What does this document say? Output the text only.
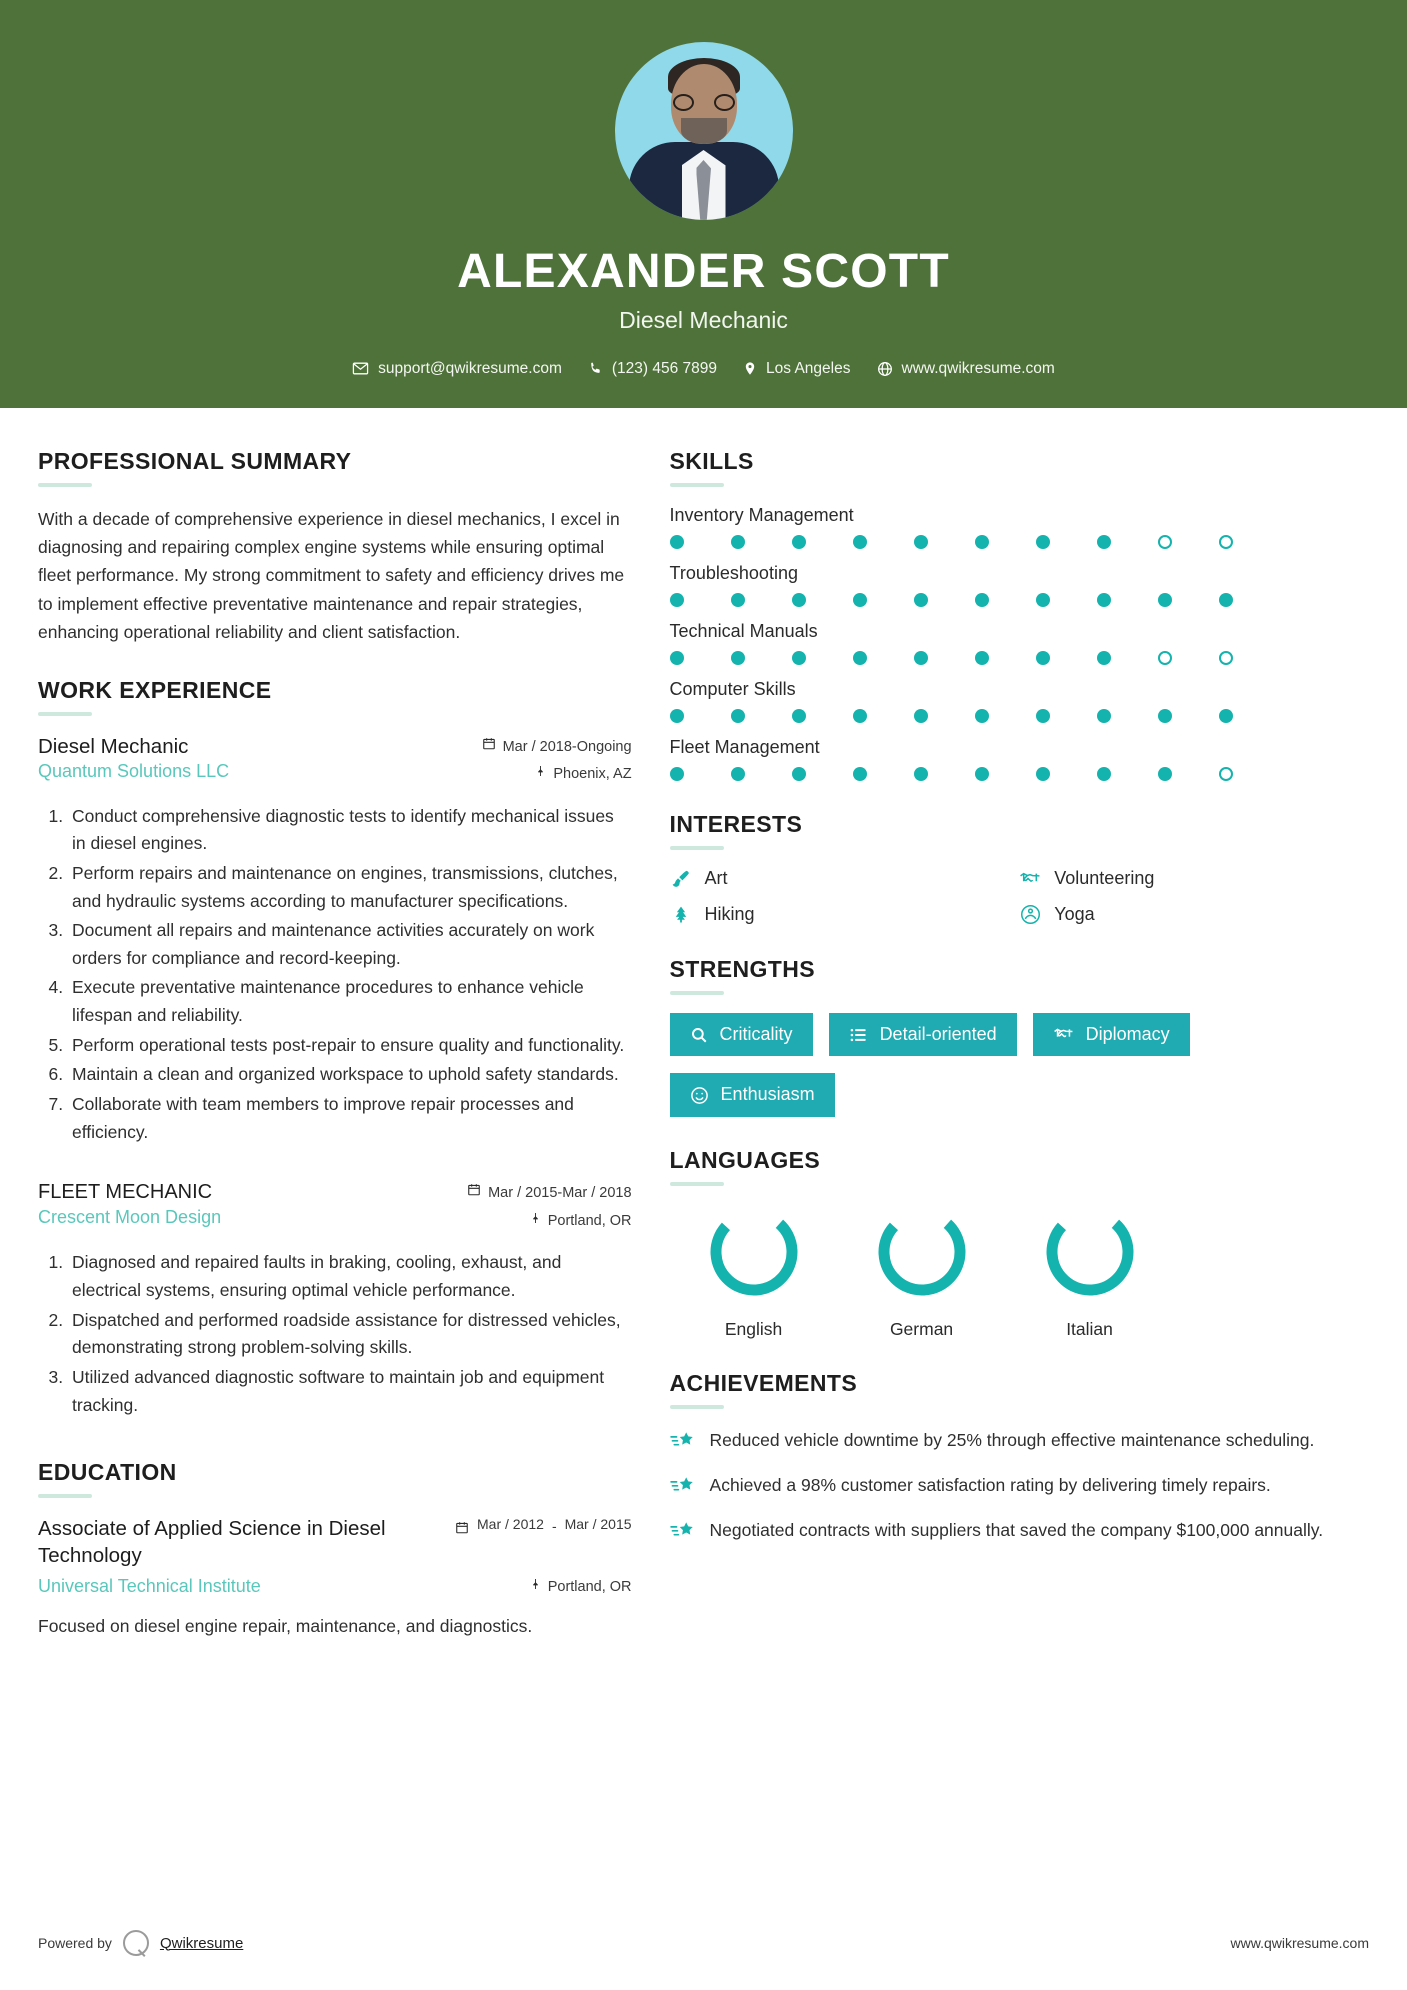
ALEXANDER SCOTT
Diesel Mechanic
support@qwikresume.com	(123) 456 7899	Los Angeles	www.qwikresume.com
PROFESSIONAL SUMMARY
With a decade of comprehensive experience in diesel mechanics, I excel in diagnosing and repairing complex engine systems while ensuring optimal fleet performance. My strong commitment to safety and efficiency drives me to implement effective preventative maintenance and repair strategies, enhancing operational reliability and client satisfaction.
WORK EXPERIENCE
Diesel Mechanic
Quantum Solutions LLC
Mar / 2018-Ongoing
Phoenix, AZ
1. Conduct comprehensive diagnostic tests to identify mechanical issues in diesel engines.
2. Perform repairs and maintenance on engines, transmissions, clutches, and hydraulic systems according to manufacturer specifications.
3. Document all repairs and maintenance activities accurately on work orders for compliance and record-keeping.
4. Execute preventative maintenance procedures to enhance vehicle lifespan and reliability.
5. Perform operational tests post-repair to ensure quality and functionality.
6. Maintain a clean and organized workspace to uphold safety standards.
7. Collaborate with team members to improve repair processes and efficiency.
FLEET MECHANIC
Crescent Moon Design
Mar / 2015-Mar / 2018
Portland, OR
1. Diagnosed and repaired faults in braking, cooling, exhaust, and electrical systems, ensuring optimal vehicle performance.
2. Dispatched and performed roadside assistance for distressed vehicles, demonstrating strong problem-solving skills.
3. Utilized advanced diagnostic software to maintain job and equipment tracking.
EDUCATION
Associate of Applied Science in Diesel Technology
Mar / 2012 - Mar / 2015
Universal Technical Institute	Portland, OR
Focused on diesel engine repair, maintenance, and diagnostics.
SKILLS
Inventory Management
Troubleshooting
Technical Manuals
Computer Skills
Fleet Management
INTERESTS
Art	Volunteering
Hiking	Yoga
STRENGTHS
Criticality	Detail-oriented	Diplomacy
Enthusiasm
LANGUAGES
English	German	Italian
ACHIEVEMENTS
Reduced vehicle downtime by 25% through effective maintenance scheduling.
Achieved a 98% customer satisfaction rating by delivering timely repairs.
Negotiated contracts with suppliers that saved the company $100,000 annually.
Powered by	Qwikresume	www.qwikresume.com
